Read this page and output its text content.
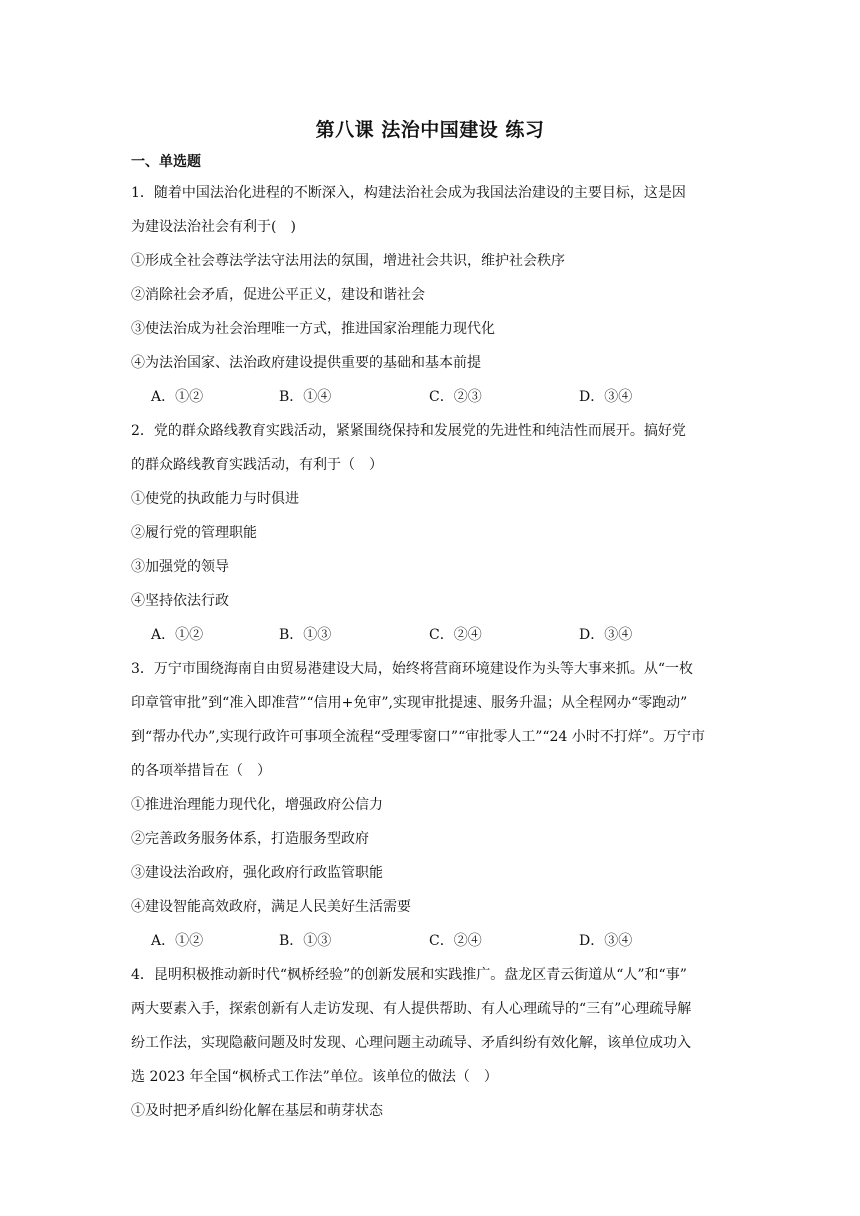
第八课 法治中国建设 练习
一、单选题
1．随着中国法治化进程的不断深入，构建法治社会成为我国法治建设的主要目标，这是因
为建设法治社会有利于(　)
①形成全社会尊法学法守法用法的氛围，增进社会共识，维护社会秩序
②消除社会矛盾，促进公平正义，建设和谐社会
③使法治成为社会治理唯一方式，推进国家治理能力现代化
④为法治国家、法治政府建设提供重要的基础和基本前提
A．①②	B．①④	C．②③	D．③④
2．党的群众路线教育实践活动，紧紧围绕保持和发展党的先进性和纯洁性而展开。搞好党
的群众路线教育实践活动，有利于（　）
①使党的执政能力与时俱进
②履行党的管理职能
③加强党的领导
④坚持依法行政
A．①②	B．①③	C．②④	D．③④
3．万宁市围绕海南自由贸易港建设大局，始终将营商环境建设作为头等大事来抓。从“一枚
印章管审批”到“准入即准营”“信用+免审”,实现审批提速、服务升温；从全程网办“零跑动”
到“帮办代办”,实现行政许可事项全流程“受理零窗口”“审批零人工”“24 小时不打烊”。万宁市
的各项举措旨在（　）
①推进治理能力现代化，增强政府公信力
②完善政务服务体系，打造服务型政府
③建设法治政府，强化政府行政监管职能
④建设智能高效政府，满足人民美好生活需要
A．①②	B．①③	C．②④	D．③④
4．昆明积极推动新时代“枫桥经验”的创新发展和实践推广。盘龙区青云街道从“人”和“事”
两大要素入手，探索创新有人走访发现、有人提供帮助、有人心理疏导的“三有”心理疏导解
纷工作法，实现隐蔽问题及时发现、心理问题主动疏导、矛盾纠纷有效化解，该单位成功入
选 2023 年全国“枫桥式工作法”单位。该单位的做法（　）
①及时把矛盾纠纷化解在基层和萌芽状态
